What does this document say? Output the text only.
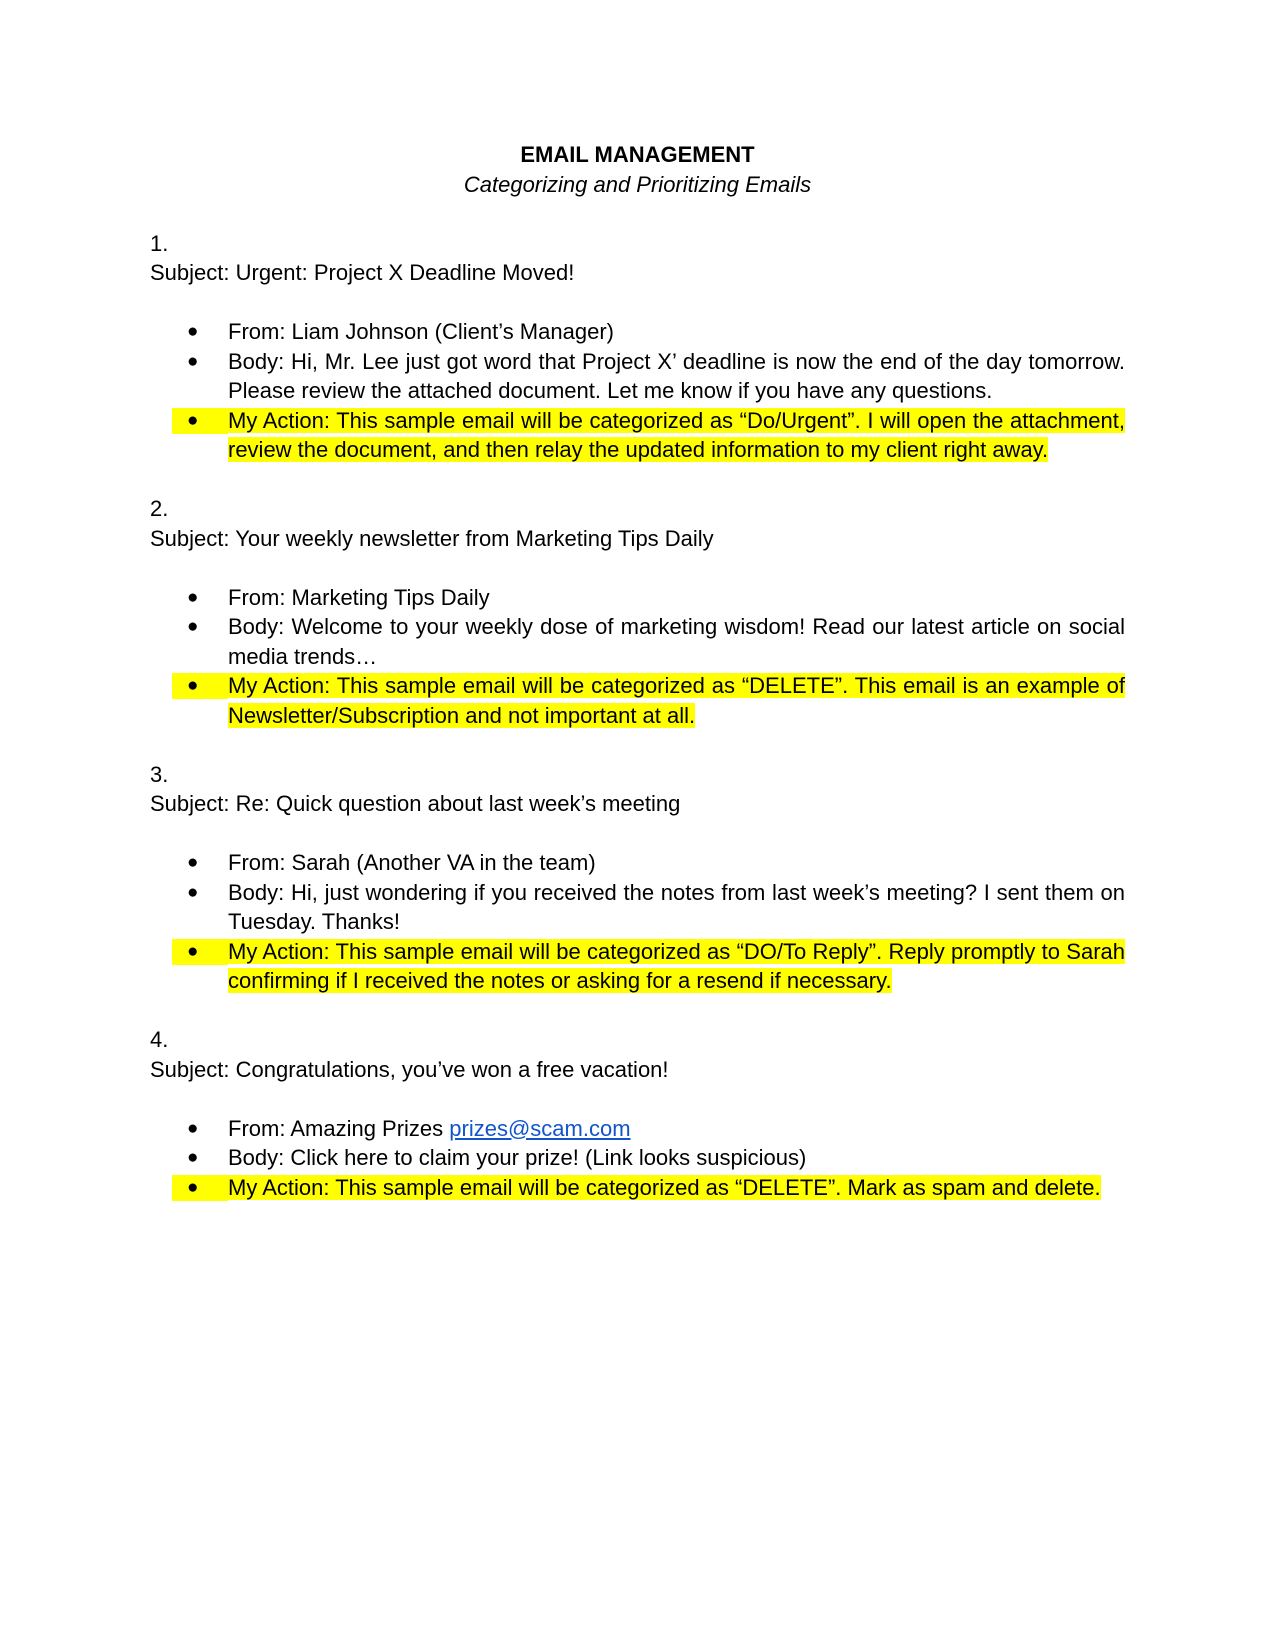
EMAIL MANAGEMENT
Categorizing and Prioritizing Emails
1.
Subject: Urgent: Project X Deadline Moved!
●	From: Liam Johnson (Client’s Manager)
●	Body: Hi, Mr. Lee just got word that Project X’ deadline is now the end of the day tomorrow. Please review the attached document. Let me know if you have any questions.
●	My Action: This sample email will be categorized as “Do/Urgent”. I will open the attachment, review the document, and then relay the updated information to my client right away.
2.
Subject: Your weekly newsletter from Marketing Tips Daily
●	From: Marketing Tips Daily
●	Body: Welcome to your weekly dose of marketing wisdom! Read our latest article on social media trends…
●	My Action: This sample email will be categorized as “DELETE”. This email is an example of Newsletter/Subscription and not important at all.
3.
Subject: Re: Quick question about last week’s meeting
●	From: Sarah (Another VA in the team)
●	Body: Hi, just wondering if you received the notes from last week’s meeting? I sent them on Tuesday. Thanks!
●	My Action: This sample email will be categorized as “DO/To Reply”. Reply promptly to Sarah confirming if I received the notes or asking for a resend if necessary.
4.
Subject: Congratulations, you’ve won a free vacation!
●	From: Amazing Prizes prizes@scam.com
●	Body: Click here to claim your prize! (Link looks suspicious)
●	My Action: This sample email will be categorized as “DELETE”. Mark as spam and delete.
